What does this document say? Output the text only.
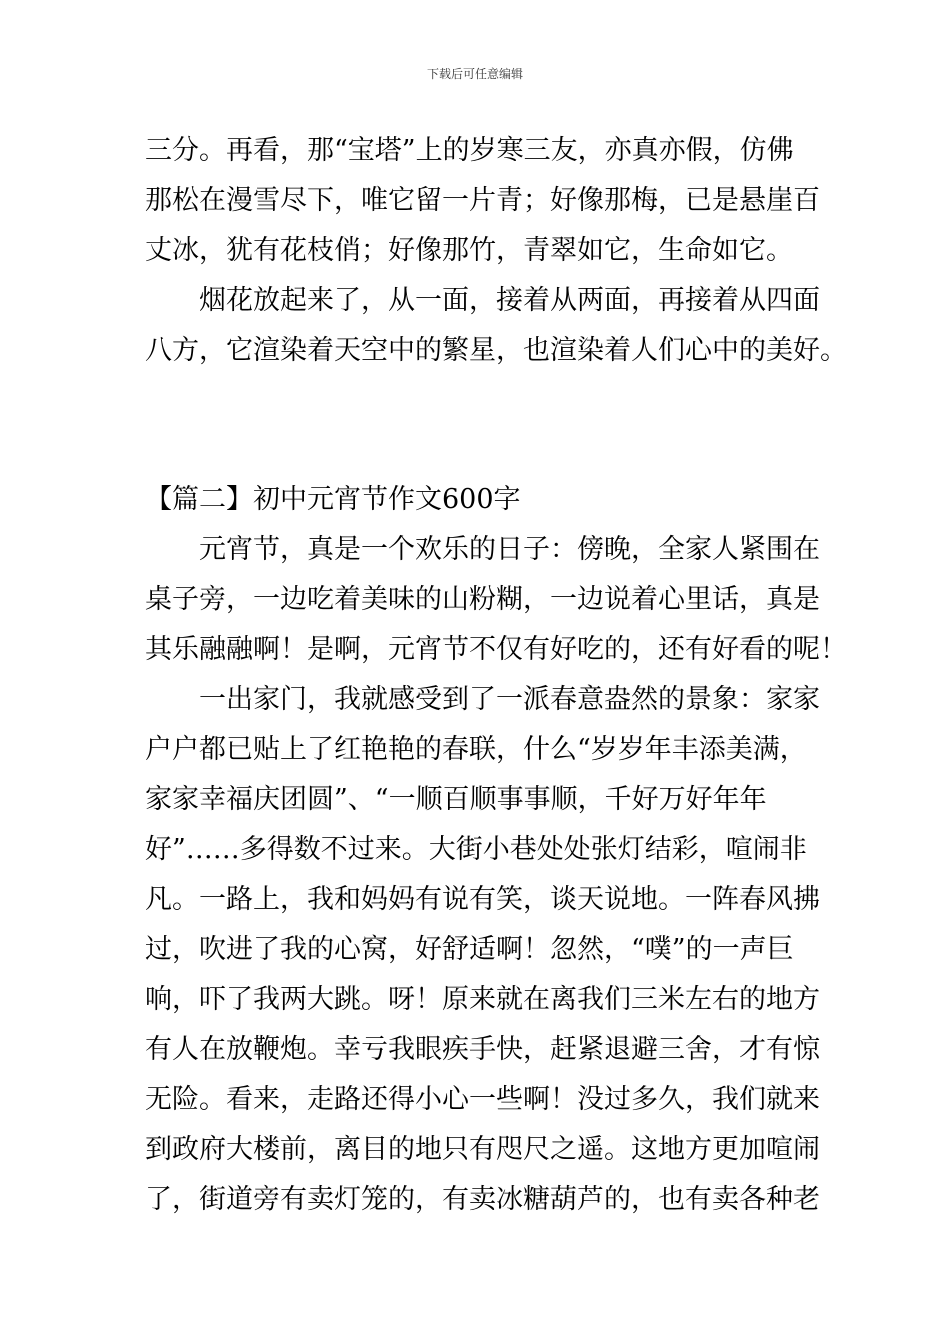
下载后可任意编辑

三分。再看，那“宝塔”上的岁寒三友，亦真亦假，仿佛

那松在漫雪尽下，唯它留一片青；好像那梅，已是悬崖百

丈冰，犹有花枝俏；好像那竹，青翠如它，生命如它。

　　烟花放起来了，从一面，接着从两面，再接着从四面

八方，它渲染着天空中的繁星，也渲染着人们心中的美好。

【篇二】初中元宵节作文600字

　　元宵节，真是一个欢乐的日子：傍晚，全家人紧围在

桌子旁，一边吃着美味的山粉糊，一边说着心里话，真是

其乐融融啊！是啊，元宵节不仅有好吃的，还有好看的呢！

　　一出家门，我就感受到了一派春意盎然的景象：家家

户户都已贴上了红艳艳的春联，什么“岁岁年丰添美满，

家家幸福庆团圆”、“一顺百顺事事顺，千好万好年年

好”……多得数不过来。大街小巷处处张灯结彩，喧闹非

凡。一路上，我和妈妈有说有笑，谈天说地。一阵春风拂

过，吹进了我的心窝，好舒适啊！忽然，“噗”的一声巨

响，吓了我两大跳。呀！原来就在离我们三米左右的地方

有人在放鞭炮。幸亏我眼疾手快，赶紧退避三舍，才有惊

无险。看来，走路还得小心一些啊！没过多久，我们就来

到政府大楼前，离目的地只有咫尺之遥。这地方更加喧闹

了，街道旁有卖灯笼的，有卖冰糖葫芦的，也有卖各种老
